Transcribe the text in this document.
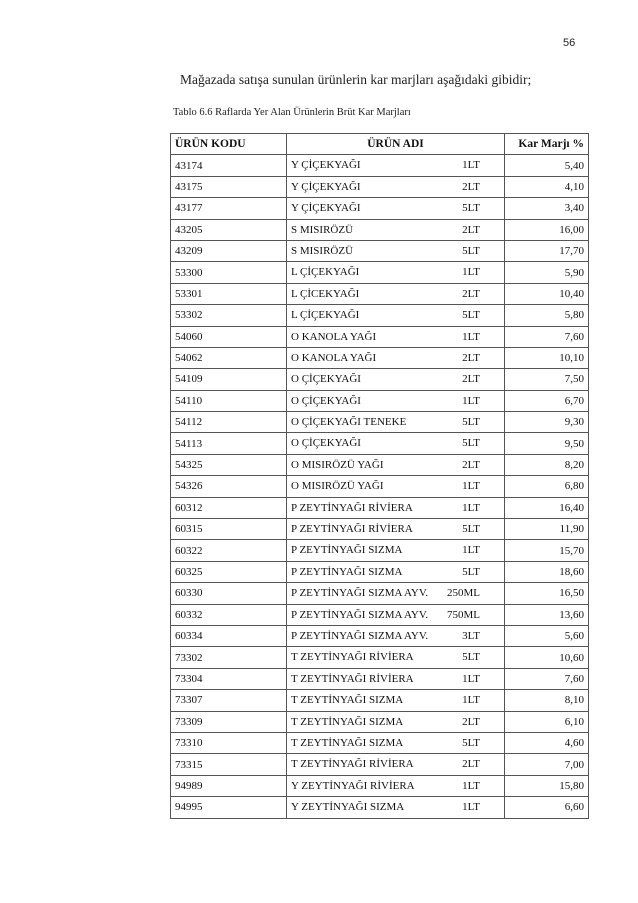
56
Mağazada satışa sunulan ürünlerin kar marjları aşağıdaki gibidir;
Tablo 6.6 Raflarda Yer Alan Ürünlerin Brüt Kar Marjları
ÜRÜN KODU	ÜRÜN ADI	Kar Marjı %
43174	Y ÇİÇEKYAĞI 1LT	5,40
43175	Y ÇİÇEKYAĞI 2LT	4,10
43177	Y ÇİÇEKYAĞI 5LT	3,40
43205	S MISIRÖZÜ 2LT	16,00
43209	S MISIRÖZÜ 5LT	17,70
53300	L ÇİÇEKYAĞI 1LT	5,90
53301	L ÇİCEKYAĞI 2LT	10,40
53302	L ÇİÇEKYAĞI 5LT	5,80
54060	O KANOLA YAĞI 1LT	7,60
54062	O KANOLA YAĞI 2LT	10,10
54109	O ÇİÇEKYAĞI 2LT	7,50
54110	O ÇİÇEKYAĞI 1LT	6,70
54112	O ÇİÇEKYAĞI TENEKE 5LT	9,30
54113	O ÇİÇEKYAĞI 5LT	9,50
54325	O MISIRÖZÜ YAĞI 2LT	8,20
54326	O MISIRÖZÜ YAĞI 1LT	6,80
60312	P ZEYTİNYAĞI RİVİERA 1LT	16,40
60315	P ZEYTİNYAĞI RİVİERA 5LT	11,90
60322	P ZEYTİNYAĞI SIZMA 1LT	15,70
60325	P ZEYTİNYAĞI SIZMA 5LT	18,60
60330	P ZEYTİNYAĞI SIZMA AYV. 250ML	16,50
60332	P ZEYTİNYAĞI SIZMA AYV. 750ML	13,60
60334	P ZEYTİNYAĞI SIZMA AYV. 3LT	5,60
73302	T ZEYTİNYAĞI RİVİERA 5LT	10,60
73304	T ZEYTİNYAĞI RİVİERA 1LT	7,60
73307	T ZEYTİNYAĞI SIZMA 1LT	8,10
73309	T ZEYTİNYAĞI SIZMA 2LT	6,10
73310	T ZEYTİNYAĞI SIZMA 5LT	4,60
73315	T ZEYTİNYAĞI RİVİERA 2LT	7,00
94989	Y ZEYTİNYAĞI RİVİERA 1LT	15,80
94995	Y ZEYTİNYAĞI SIZMA 1LT	6,60
